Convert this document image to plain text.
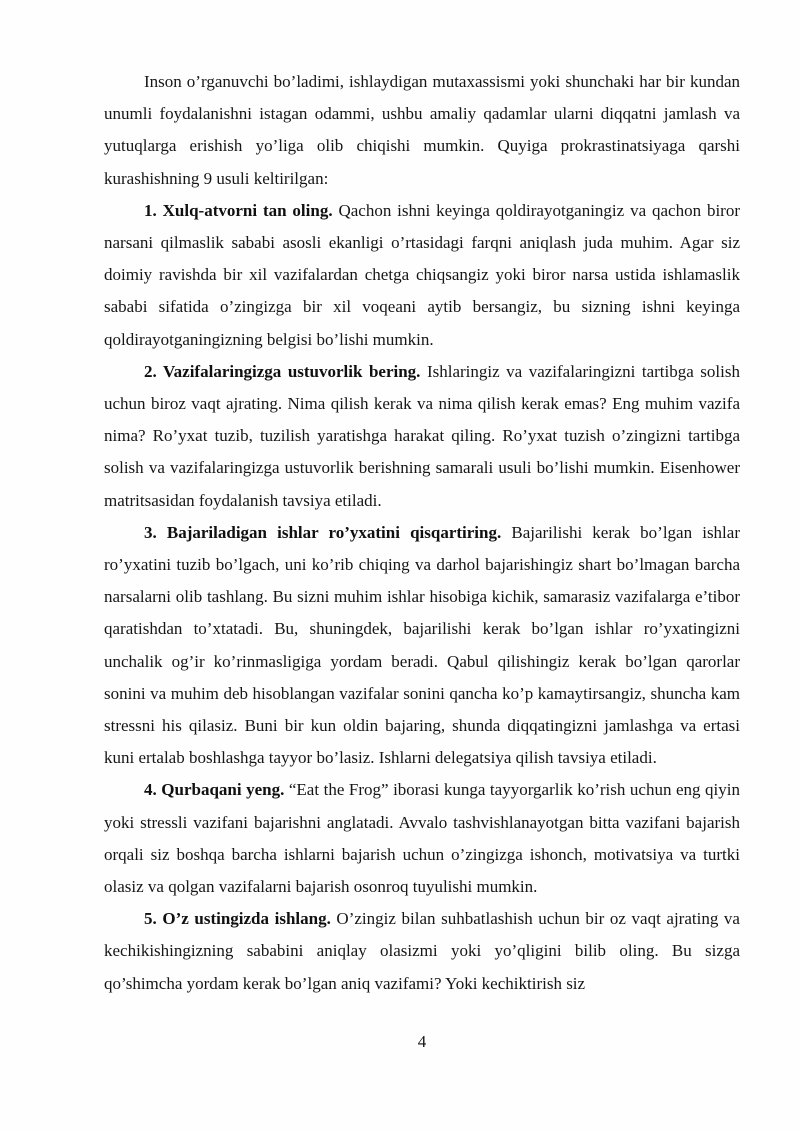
Inson o’rganuvchi bo’ladimi, ishlaydigan mutaxassismi yoki shunchaki har bir kundan unumli foydalanishni istagan odammi, ushbu amaliy qadamlar ularni diqqatni jamlash va yutuqlarga erishish yo’liga olib chiqishi mumkin. Quyiga prokrastinatsiyaga qarshi kurashishning 9 usuli keltirilgan:

1. Xulq-atvorni tan oling. Qachon ishni keyinga qoldirayotganingiz va qachon biror narsani qilmaslik sababi asosli ekanligi o’rtasidagi farqni aniqlash juda muhim. Agar siz doimiy ravishda bir xil vazifalardan chetga chiqsangiz yoki biror narsa ustida ishlamaslik sababi sifatida o’zingizga bir xil voqeani aytib bersangiz, bu sizning ishni keyinga qoldirayotganingizning belgisi bo’lishi mumkin.

2. Vazifalaringizga ustuvorlik bering. Ishlaringiz va vazifalaringizni tartibga solish uchun biroz vaqt ajrating. Nima qilish kerak va nima qilish kerak emas? Eng muhim vazifa nima? Ro’yxat tuzib, tuzilish yaratishga harakat qiling. Ro’yxat tuzish o’zingizni tartibga solish va vazifalaringizga ustuvorlik berishning samarali usuli bo’lishi mumkin. Eisenhower matritsasidan foydalanish tavsiya etiladi.

3. Bajariladigan ishlar ro’yxatini qisqartiring. Bajarilishi kerak bo’lgan ishlar ro’yxatini tuzib bo’lgach, uni ko’rib chiqing va darhol bajarishingiz shart bo’lmagan barcha narsalarni olib tashlang. Bu sizni muhim ishlar hisobiga kichik, samarasiz vazifalarga e’tibor qaratishdan to’xtatadi. Bu, shuningdek, bajarilishi kerak bo’lgan ishlar ro’yxatingizni unchalik og’ir ko’rinmasligiga yordam beradi. Qabul qilishingiz kerak bo’lgan qarorlar sonini va muhim deb hisoblangan vazifalar sonini qancha ko’p kamaytirsangiz, shuncha kam stressni his qilasiz. Buni bir kun oldin bajaring, shunda diqqatingizni jamlashga va ertasi kuni ertalab boshlashga tayyor bo’lasiz. Ishlarni delegatsiya qilish tavsiya etiladi.

4. Qurbaqani yeng. “Eat the Frog” iborasi kunga tayyorgarlik ko’rish uchun eng qiyin yoki stressli vazifani bajarishni anglatadi. Avvalo tashvishlanayotgan bitta vazifani bajarish orqali siz boshqa barcha ishlarni bajarish uchun o’zingizga ishonch, motivatsiya va turtki olasiz va qolgan vazifalarni bajarish osonroq tuyulishi mumkin.

5. O’z ustingizda ishlang. O’zingiz bilan suhbatlashish uchun bir oz vaqt ajrating va kechikishingizning sababini aniqlay olasizmi yoki yo’qligini bilib oling. Bu sizga qo’shimcha yordam kerak bo’lgan aniq vazifami? Yoki kechiktirish siz

4
